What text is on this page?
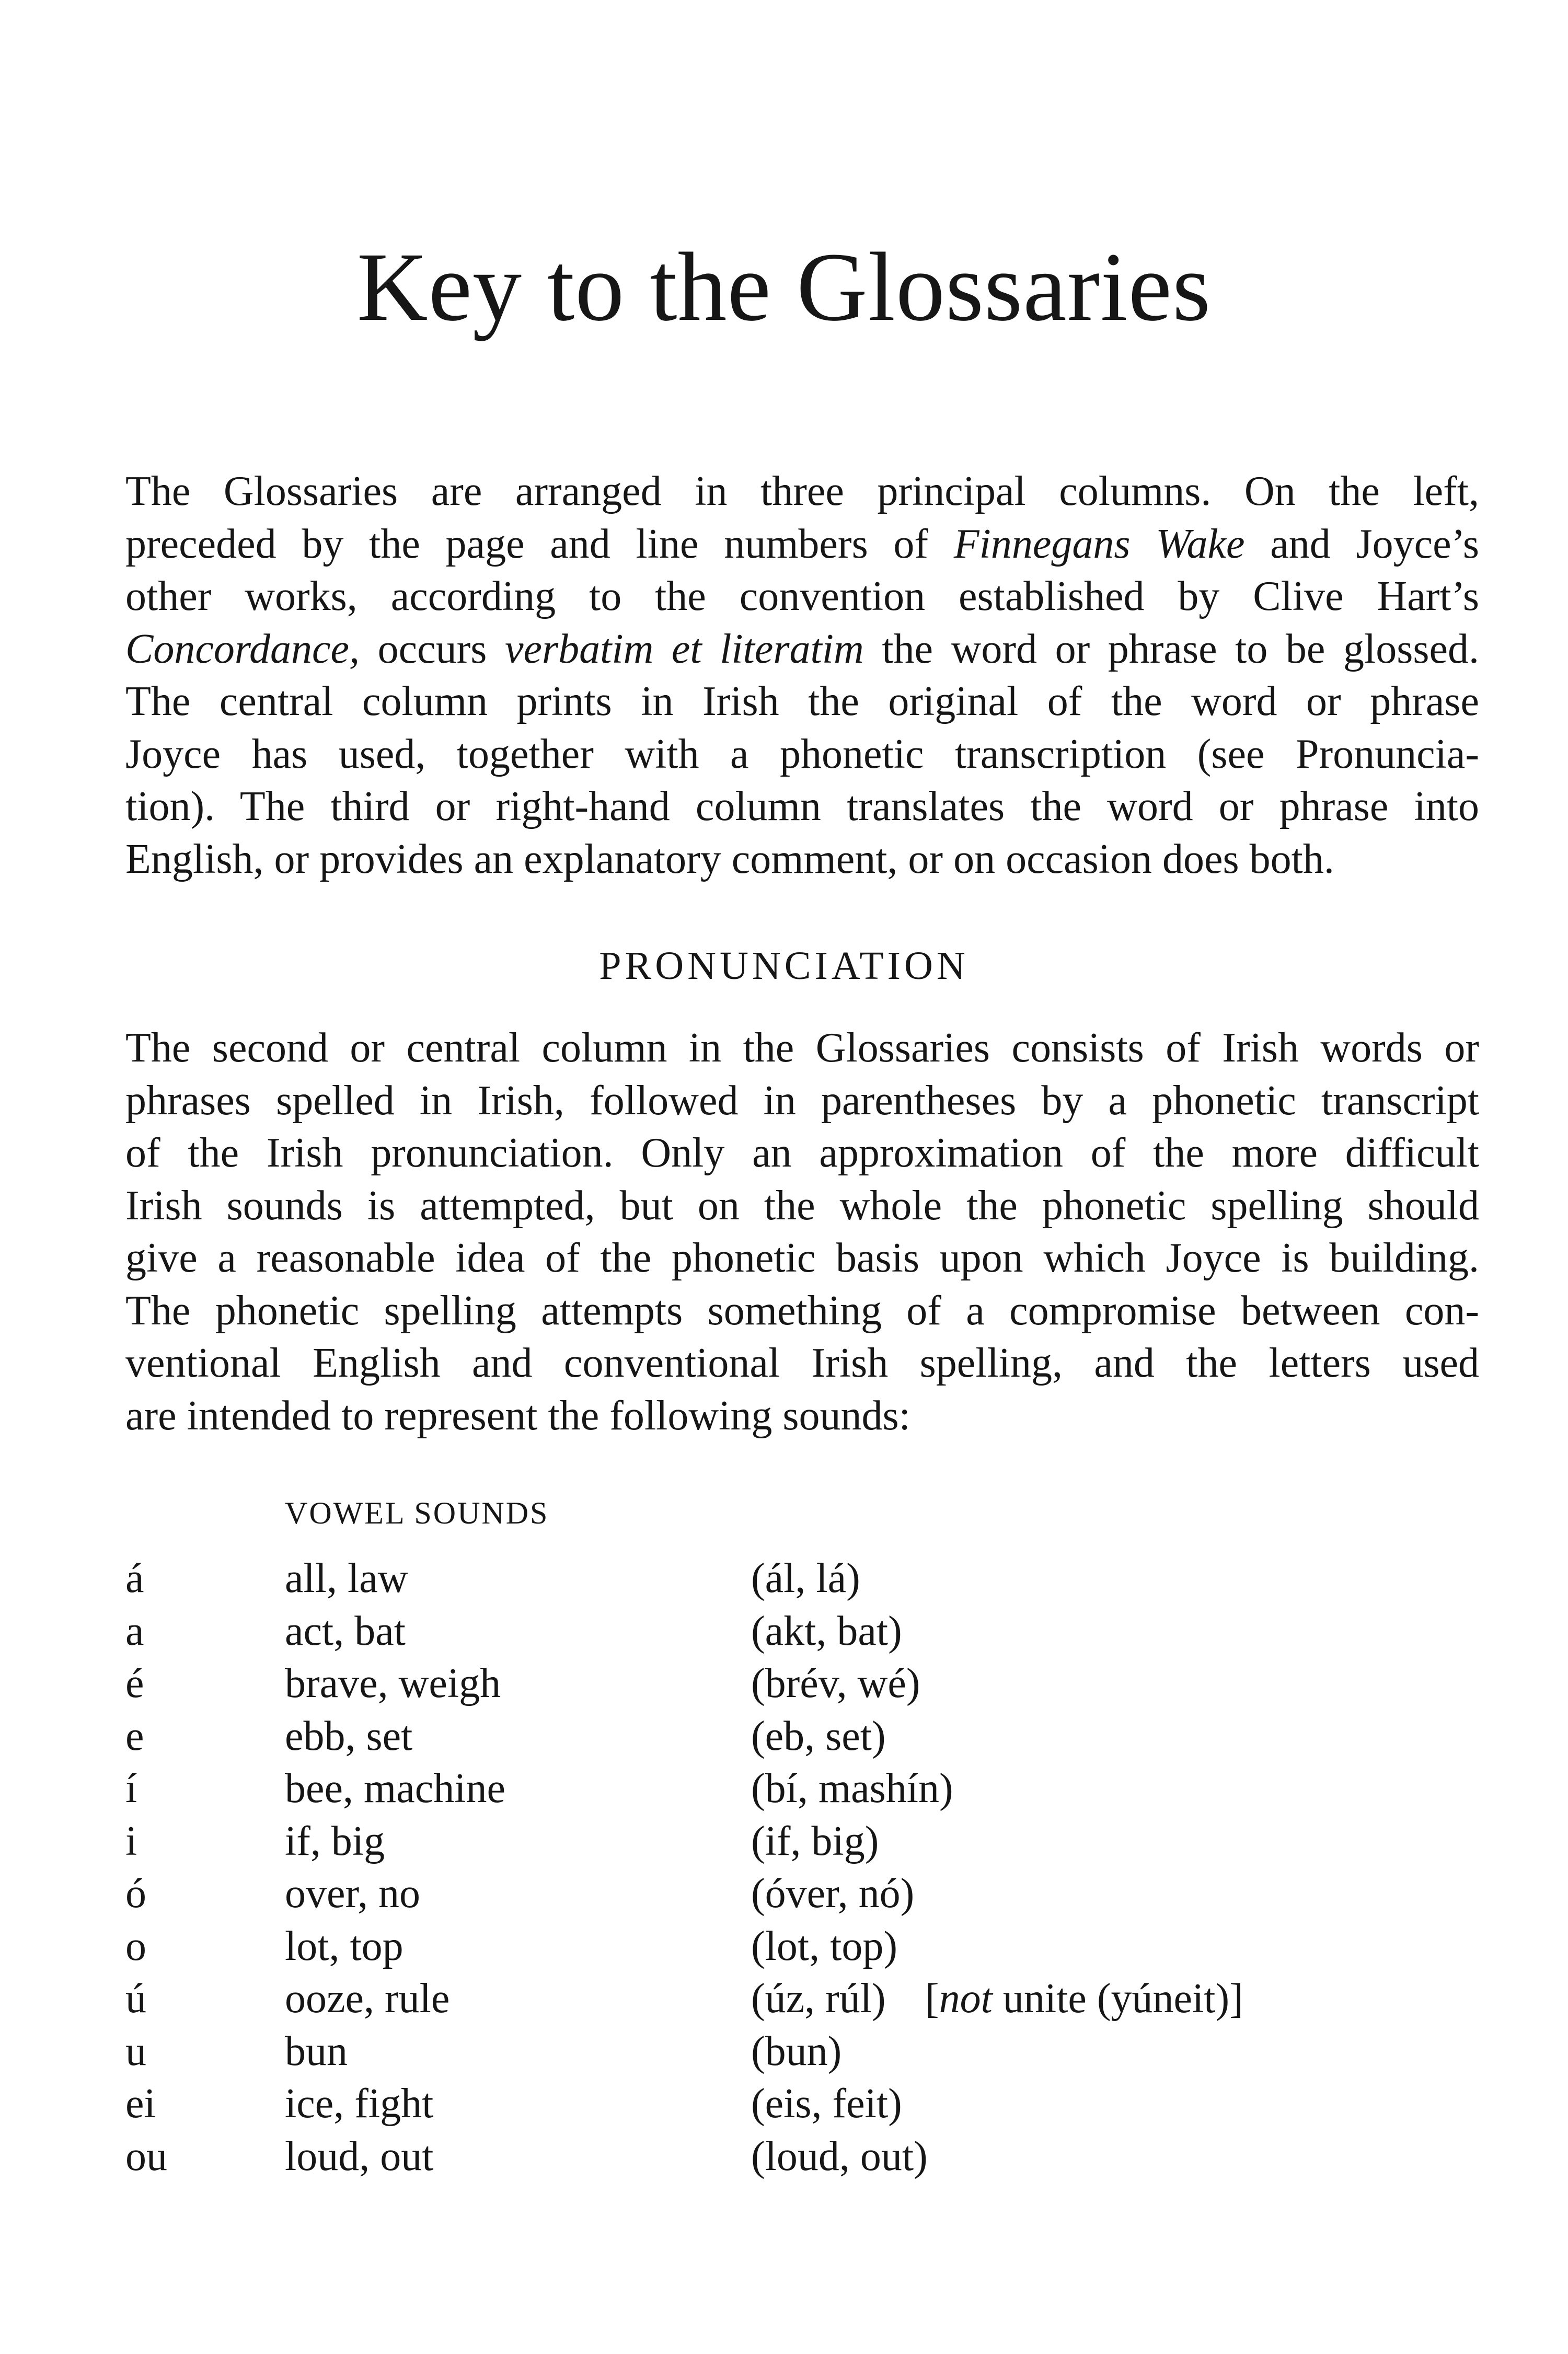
Key to the Glossaries
The Glossaries are arranged in three principal columns. On the left,
preceded by the page and line numbers of Finnegans Wake and Joyce’s
other works, according to the convention established by Clive Hart’s
Concordance, occurs verbatim et literatim the word or phrase to be glossed.
The central column prints in Irish the original of the word or phrase
Joyce has used, together with a phonetic transcription (see Pronuncia-
tion). The third or right-hand column translates the word or phrase into
English, or provides an explanatory comment, or on occasion does both.
PRONUNCIATION
The second or central column in the Glossaries consists of Irish words or
phrases spelled in Irish, followed in parentheses by a phonetic transcript
of the Irish pronunciation. Only an approximation of the more difficult
Irish sounds is attempted, but on the whole the phonetic spelling should
give a reasonable idea of the phonetic basis upon which Joyce is building.
The phonetic spelling attempts something of a compromise between con-
ventional English and conventional Irish spelling, and the letters used
are intended to represent the following sounds:
VOWEL SOUNDS
á	all, law	(ál, lá)
a	act, bat	(akt, bat)
é	brave, weigh	(brév, wé)
e	ebb, set	(eb, set)
í	bee, machine	(bí, mashín)
i	if, big	(if, big)
ó	over, no	(óver, nó)
o	lot, top	(lot, top)
ú	ooze, rule	(úz, rúl) [not unite (yúneit)]
u	bun	(bun)
ei	ice, fight	(eis, feit)
ou	loud, out	(loud, out)
